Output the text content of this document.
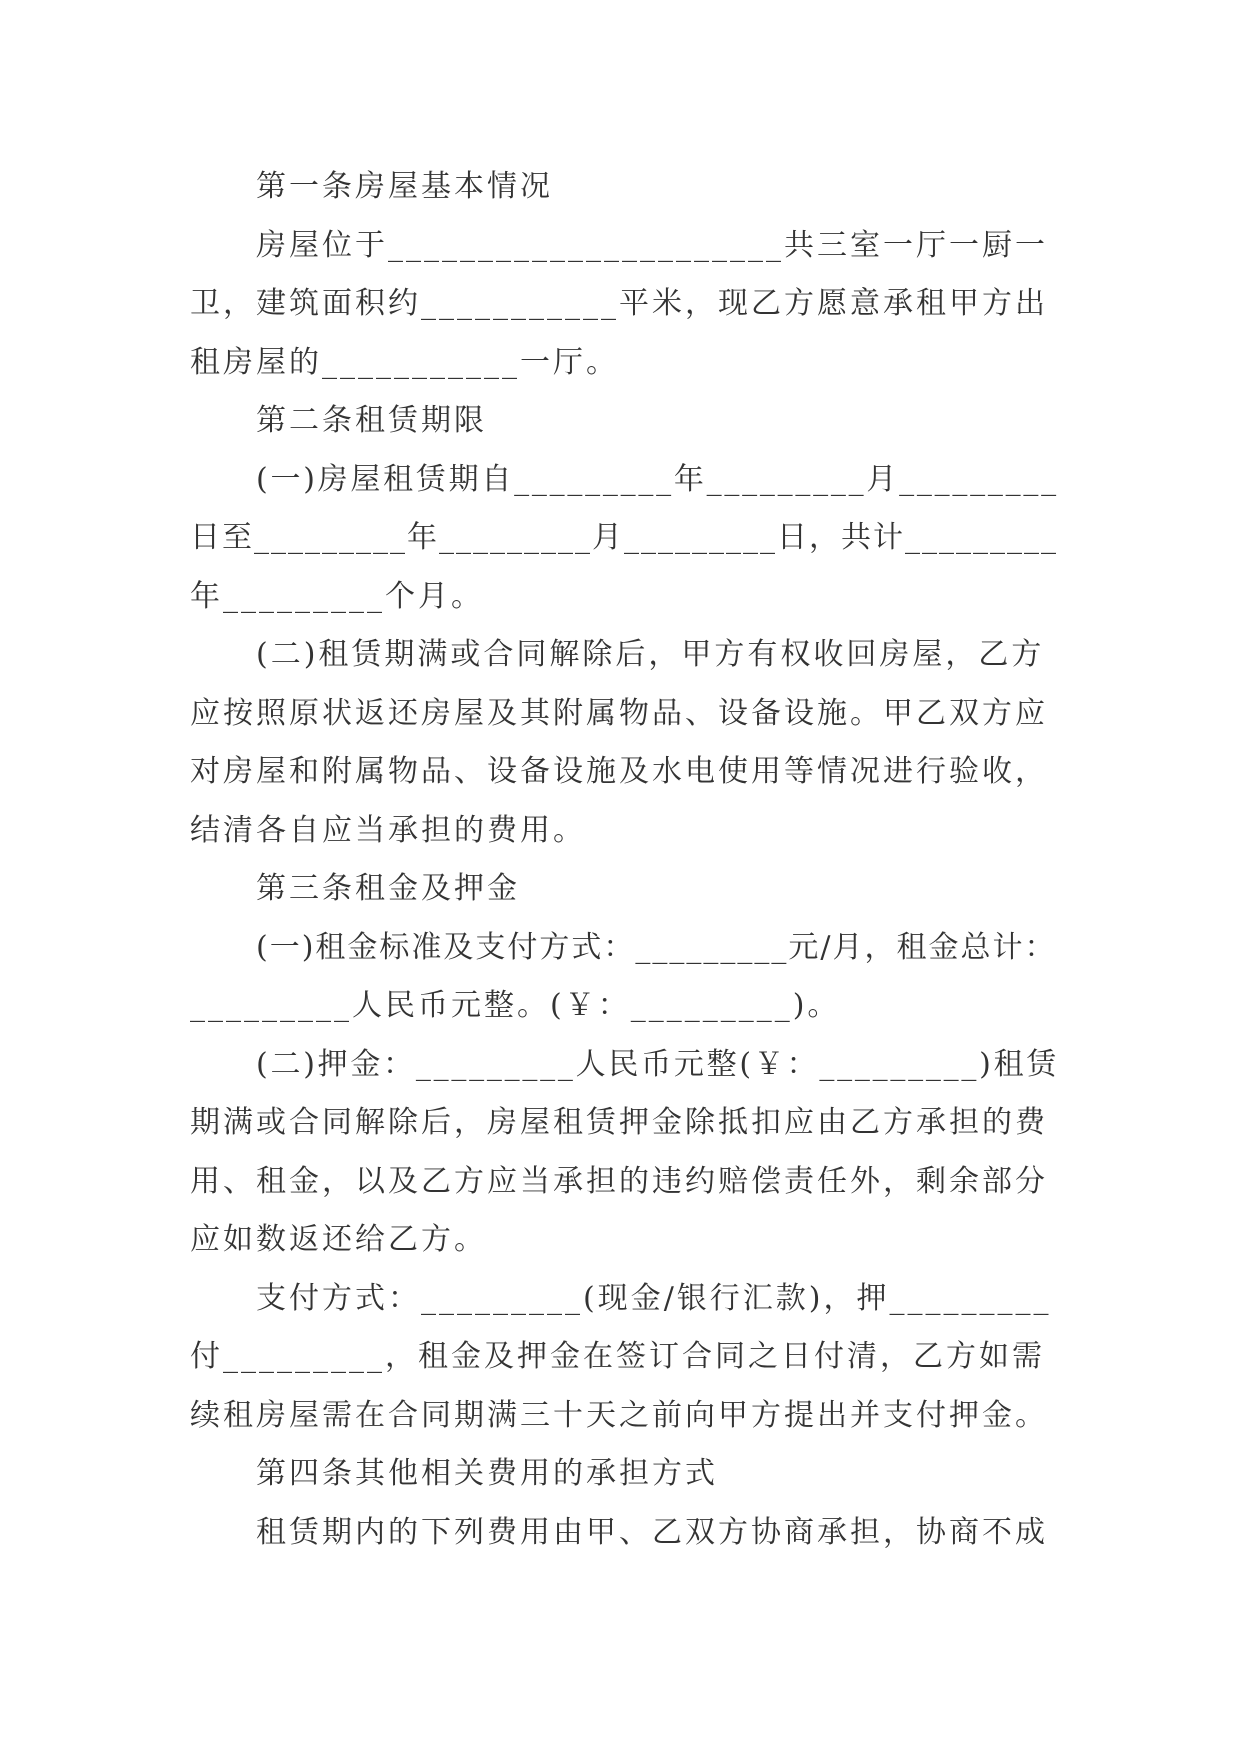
第一条房屋基本情况
房屋位于______________________共三室一厅一厨一
卫，建筑面积约___________平米，现乙方愿意承租甲方出
租房屋的___________一厅。
第二条租赁期限
(一)房屋租赁期自_________年_________月_________
日至_________年_________月_________日，共计_________
年_________个月。
(二)租赁期满或合同解除后，甲方有权收回房屋，乙方
应按照原状返还房屋及其附属物品、设备设施。甲乙双方应
对房屋和附属物品、设备设施及水电使用等情况进行验收，
结清各自应当承担的费用。
第三条租金及押金
(一)租金标准及支付方式：_________元/月，租金总计：
_________人民币元整。(￥：_________)。
(二)押金：_________人民币元整(￥：_________)租赁
期满或合同解除后，房屋租赁押金除抵扣应由乙方承担的费
用、租金，以及乙方应当承担的违约赔偿责任外，剩余部分
应如数返还给乙方。
支付方式：_________(现金/银行汇款)，押_________
付_________，租金及押金在签订合同之日付清，乙方如需
续租房屋需在合同期满三十天之前向甲方提出并支付押金。
第四条其他相关费用的承担方式
租赁期内的下列费用由甲、乙双方协商承担，协商不成
